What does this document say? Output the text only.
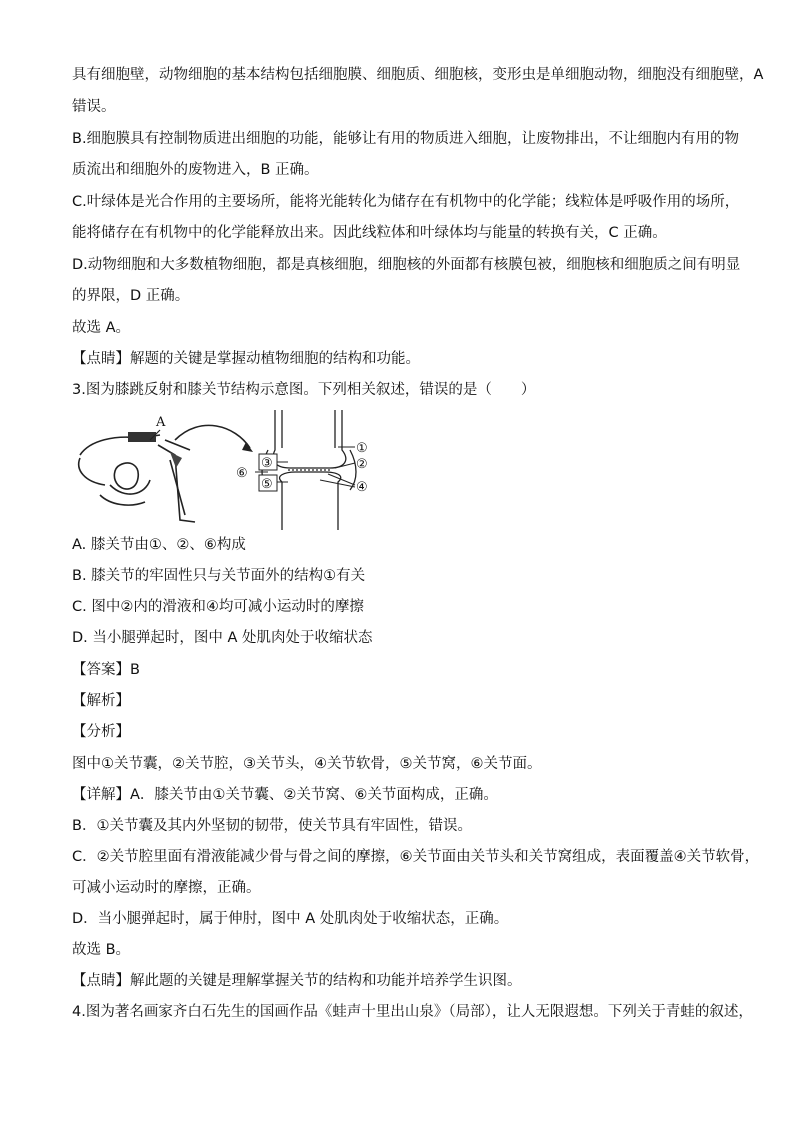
具有细胞壁，动物细胞的基本结构包括细胞膜、细胞质、细胞核，变形虫是单细胞动物，细胞没有细胞壁，A
错误。
B.细胞膜具有控制物质进出细胞的功能，能够让有用的物质进入细胞，让废物排出，不让细胞内有用的物
质流出和细胞外的废物进入，B 正确。
C.叶绿体是光合作用的主要场所，能将光能转化为储存在有机物中的化学能；线粒体是呼吸作用的场所，
能将储存在有机物中的化学能释放出来。因此线粒体和叶绿体均与能量的转换有关，C 正确。
D.动物细胞和大多数植物细胞，都是真核细胞，细胞核的外面都有核膜包被，细胞核和细胞质之间有明显
的界限，D 正确。
故选 A。
【点睛】解题的关键是掌握动植物细胞的结构和功能。
3.图为膝跳反射和膝关节结构示意图。下列相关叙述，错误的是（　　）
A
①
②
③
④
⑤
⑥
A. 膝关节由①、②、⑥构成
B. 膝关节的牢固性只与关节面外的结构①有关
C. 图中②内的滑液和④均可减小运动时的摩擦
D. 当小腿弹起时，图中 A 处肌肉处于收缩状态
【答案】B
【解析】
【分析】
图中①关节囊，②关节腔，③关节头，④关节软骨，⑤关节窝，⑥关节面。
【详解】A．膝关节由①关节囊、②关节窝、⑥关节面构成，正确。
B．①关节囊及其内外坚韧的韧带，使关节具有牢固性，错误。
C．②关节腔里面有滑液能减少骨与骨之间的摩擦，⑥关节面由关节头和关节窝组成，表面覆盖④关节软骨，
可减小运动时的摩擦，正确。
D．当小腿弹起时，属于伸肘，图中 A 处肌肉处于收缩状态，正确。
故选 B。
【点睛】解此题的关键是理解掌握关节的结构和功能并培养学生识图。
4.图为著名画家齐白石先生的国画作品《蛙声十里出山泉》（局部），让人无限遐想。下列关于青蛙的叙述，
